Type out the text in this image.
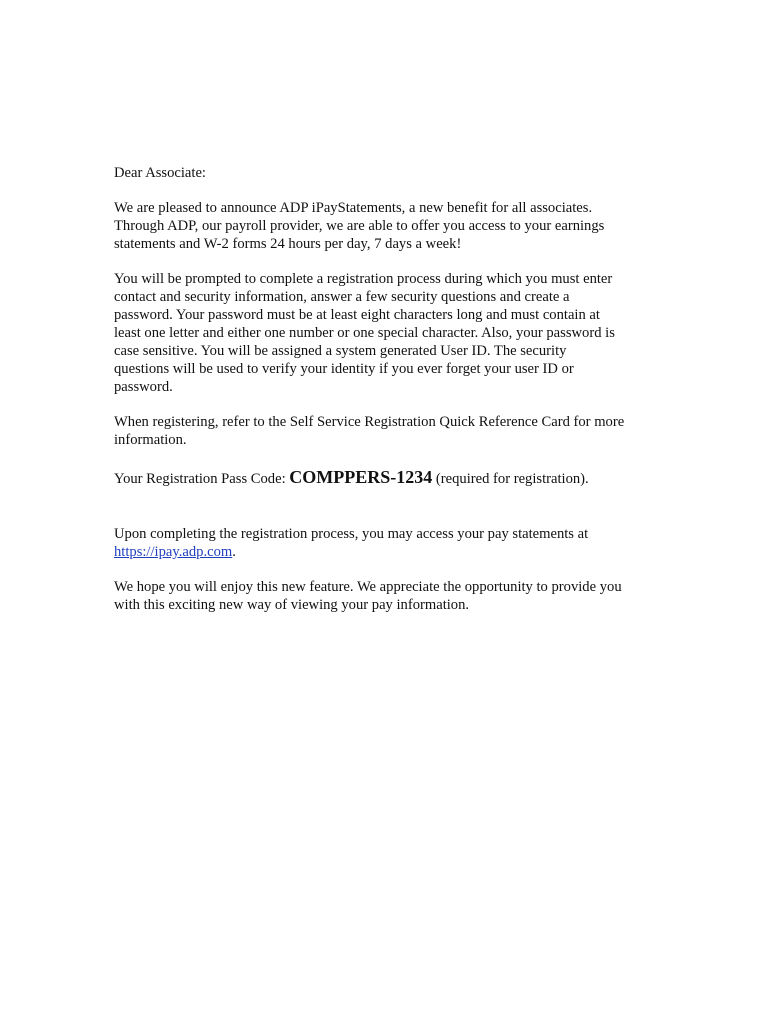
Dear Associate:

We are pleased to announce ADP iPayStatements, a new benefit for all associates.

Through ADP, our payroll provider, we are able to offer you access to your earnings

statements and W-2 forms 24 hours per day, 7 days a week!

You will be prompted to complete a registration process during which you must enter

contact and security information, answer a few security questions and create a

password. Your password must be at least eight characters long and must contain at

least one letter and either one number or one special character. Also, your password is

case sensitive. You will be assigned a system generated User ID. The security

questions will be used to verify your identity if you ever forget your user ID or

password.

When registering, refer to the Self Service Registration Quick Reference Card for more

information.

Your Registration Pass Code: COMPPERS-1234 (required for registration).

Upon completing the registration process, you may access your pay statements at

https://ipay.adp.com.

We hope you will enjoy this new feature. We appreciate the opportunity to provide you

with this exciting new way of viewing your pay information.
